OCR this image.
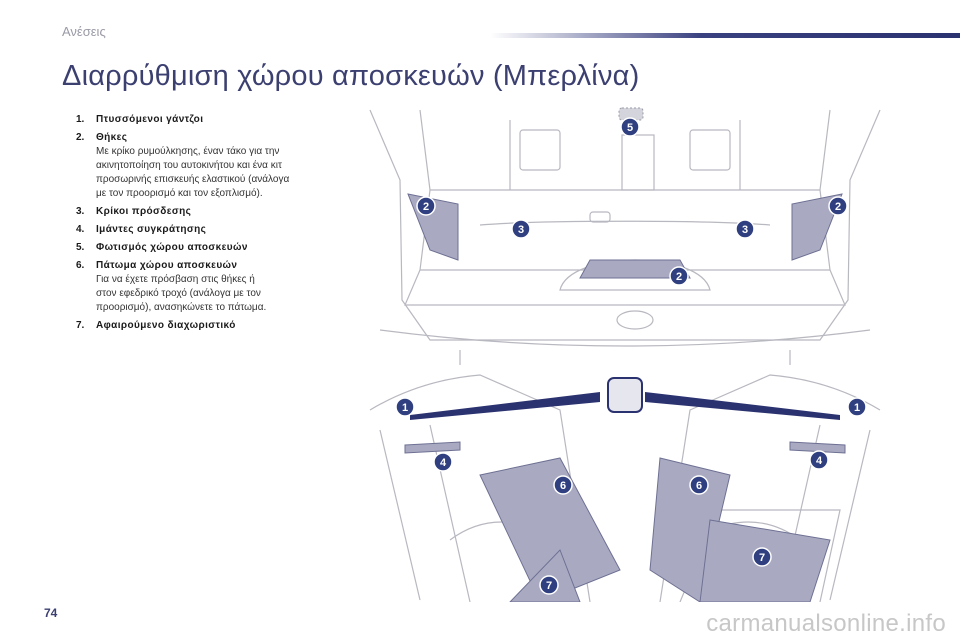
Ανέσεις
Διαρρύθμιση χώρου αποσκευών (Μπερλίνα)
1.	Πτυσσόμενοι γάντζοι
2.	Θήκες
Με κρίκο ρυμούλκησης, έναν τάκο για την
ακινητοποίηση του αυτοκινήτου και ένα κιτ
προσωρινής επισκευής ελαστικού (ανάλογα
με τον προορισμό και τον εξοπλισμό).
3.	Κρίκοι πρόσδεσης
4.	Ιμάντες συγκράτησης
5.	Φωτισμός χώρου αποσκευών
6.	Πάτωμα χώρου αποσκευών
Για να έχετε πρόσβαση στις θήκες ή
στον εφεδρικό τροχό (ανάλογα με τον
προορισμό), ανασηκώνετε το πάτωμα.
7.	Αφαιρούμενο διαχωριστικό
5
2	2
3	3
2
1	1
4	4
6	6
7
7
74	carmanualsonline.info
